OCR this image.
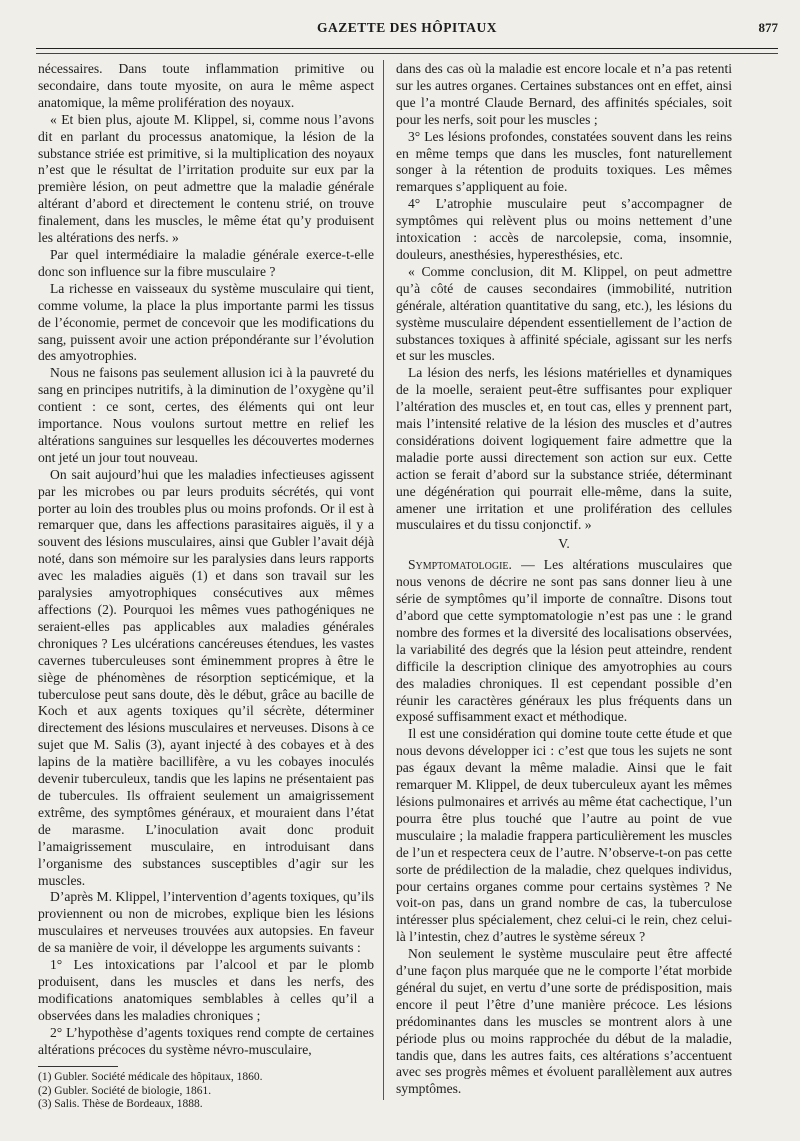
GAZETTE DES HÔPITAUX	877

nécessaires. Dans toute inflammation primitive ou secondaire, dans toute myosite, on aura le même aspect anatomique, la même prolifération des noyaux.

« Et bien plus, ajoute M. Klippel, si, comme nous l’avons dit en parlant du processus anatomique, la lésion de la substance striée est primitive, si la multiplication des noyaux n’est que le résultat de l’irritation produite sur eux par la première lésion, on peut admettre que la maladie générale altérant d’abord et directement le contenu strié, on trouve finalement, dans les muscles, le même état qu’y produisent les altérations des nerfs. »

Par quel intermédiaire la maladie générale exerce-t-elle donc son influence sur la fibre musculaire ?

La richesse en vaisseaux du système musculaire qui tient, comme volume, la place la plus importante parmi les tissus de l’économie, permet de concevoir que les modifications du sang, puissent avoir une action prépondérante sur l’évolution des amyotrophies.

Nous ne faisons pas seulement allusion ici à la pauvreté du sang en principes nutritifs, à la diminution de l’oxygène qu’il contient : ce sont, certes, des éléments qui ont leur importance. Nous voulons surtout mettre en relief les altérations sanguines sur lesquelles les découvertes modernes ont jeté un jour tout nouveau.

On sait aujourd’hui que les maladies infectieuses agissent par les microbes ou par leurs produits sécrétés, qui vont porter au loin des troubles plus ou moins profonds. Or il est à remarquer que, dans les affections parasitaires aiguës, il y a souvent des lésions musculaires, ainsi que Gubler l’avait déjà noté, dans son mémoire sur les paralysies dans leurs rapports avec les maladies aiguës (1) et dans son travail sur les paralysies amyotrophiques consécutives aux mêmes affections (2). Pourquoi les mêmes vues pathogéniques ne seraient-elles pas applicables aux maladies générales chroniques ? Les ulcérations cancéreuses étendues, les vastes cavernes tuberculeuses sont éminemment propres à être le siège de phénomènes de résorption septicémique, et la tuberculose peut sans doute, dès le début, grâce au bacille de Koch et aux agents toxiques qu’il sécrète, déterminer directement des lésions musculaires et nerveuses. Disons à ce sujet que M. Salis (3), ayant injecté à des cobayes et à des lapins de la matière bacillifère, a vu les cobayes inoculés devenir tuberculeux, tandis que les lapins ne présentaient pas de tubercules. Ils offraient seulement un amaigrissement extrême, des symptômes généraux, et mouraient dans l’état de marasme. L’inoculation avait donc produit l’amaigrissement musculaire, en introduisant dans l’organisme des substances susceptibles d’agir sur les muscles.

D’après M. Klippel, l’intervention d’agents toxiques, qu’ils proviennent ou non de microbes, explique bien les lésions musculaires et nerveuses trouvées aux autopsies. En faveur de sa manière de voir, il développe les arguments suivants :

1° Les intoxications par l’alcool et par le plomb produisent, dans les muscles et dans les nerfs, des modifications anatomiques semblables à celles qu’il a observées dans les maladies chroniques ;

2° L’hypothèse d’agents toxiques rend compte de certaines altérations précoces du système névro-musculaire,

(1) Gubler. Société médicale des hôpitaux, 1860.
(2) Gubler. Société de biologie, 1861.
(3) Salis. Thèse de Bordeaux, 1888.

dans des cas où la maladie est encore locale et n’a pas retenti sur les autres organes. Certaines substances ont en effet, ainsi que l’a montré Claude Bernard, des affinités spéciales, soit pour les nerfs, soit pour les muscles ;

3° Les lésions profondes, constatées souvent dans les reins en même temps que dans les muscles, font naturellement songer à la rétention de produits toxiques. Les mêmes remarques s’appliquent au foie.

4° L’atrophie musculaire peut s’accompagner de symptômes qui relèvent plus ou moins nettement d’une intoxication : accès de narcolepsie, coma, insomnie, douleurs, anesthésies, hyperesthésies, etc.

« Comme conclusion, dit M. Klippel, on peut admettre qu’à côté de causes secondaires (immobilité, nutrition générale, altération quantitative du sang, etc.), les lésions du système musculaire dépendent essentiellement de l’action de substances toxiques à affinité spéciale, agissant sur les nerfs et sur les muscles.

La lésion des nerfs, les lésions matérielles et dynamiques de la moelle, seraient peut-être suffisantes pour expliquer l’altération des muscles et, en tout cas, elles y prennent part, mais l’intensité relative de la lésion des muscles et d’autres considérations doivent logiquement faire admettre que la maladie porte aussi directement son action sur eux. Cette action se ferait d’abord sur la substance striée, déterminant une dégénération qui pourrait elle-même, dans la suite, amener une irritation et une prolifération des cellules musculaires et du tissu conjonctif. »

V.

Symptomatologie. — Les altérations musculaires que nous venons de décrire ne sont pas sans donner lieu à une série de symptômes qu’il importe de connaître. Disons tout d’abord que cette symptomatologie n’est pas une : le grand nombre des formes et la diversité des localisations observées, la variabilité des degrés que la lésion peut atteindre, rendent difficile la description clinique des amyotrophies au cours des maladies chroniques. Il est cependant possible d’en réunir les caractères généraux les plus fréquents dans un exposé suffisamment exact et méthodique.

Il est une considération qui domine toute cette étude et que nous devons développer ici : c’est que tous les sujets ne sont pas égaux devant la même maladie. Ainsi que le fait remarquer M. Klippel, de deux tuberculeux ayant les mêmes lésions pulmonaires et arrivés au même état cachectique, l’un pourra être plus touché que l’autre au point de vue musculaire ; la maladie frappera particulièrement les muscles de l’un et respectera ceux de l’autre. N’observe-t-on pas cette sorte de prédilection de la maladie, chez quelques individus, pour certains organes comme pour certains systèmes ? Ne voit-on pas, dans un grand nombre de cas, la tuberculose intéresser plus spécialement, chez celui-ci le rein, chez celui-là l’intestin, chez d’autres le système séreux ?

Non seulement le système musculaire peut être affecté d’une façon plus marquée que ne le comporte l’état morbide général du sujet, en vertu d’une sorte de prédisposition, mais encore il peut l’être d’une manière précoce. Les lésions prédominantes dans les muscles se montrent alors à une période plus ou moins rapprochée du début de la maladie, tandis que, dans les autres faits, ces altérations s’accentuent avec ses progrès mêmes et évoluent parallèlement aux autres symptômes.
